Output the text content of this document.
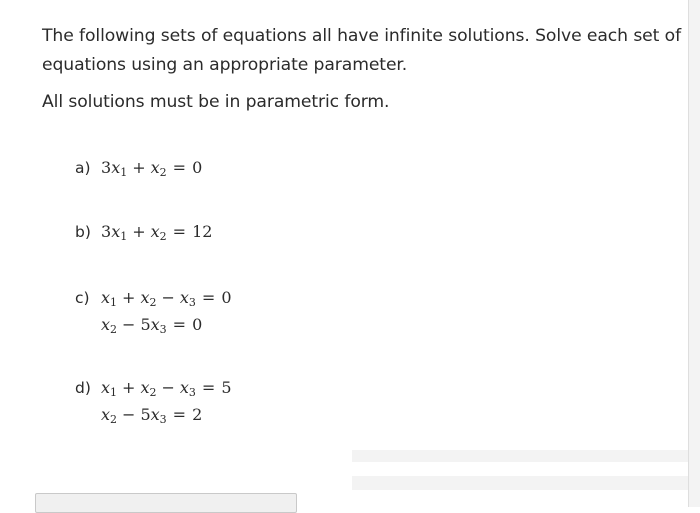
The following sets of equations all have infinite solutions. Solve each set of equations using an appropriate parameter.
All solutions must be in parametric form.
a) $3x_1 + x_2 = 0$
b) $3x_1 + x_2 = 12$
c) $x_1 + x_2 - x_3 = 0$
$x_2 - 5x_3 = 0$
d) $x_1 + x_2 - x_3 = 5$
$x_2 - 5x_3 = 2$
